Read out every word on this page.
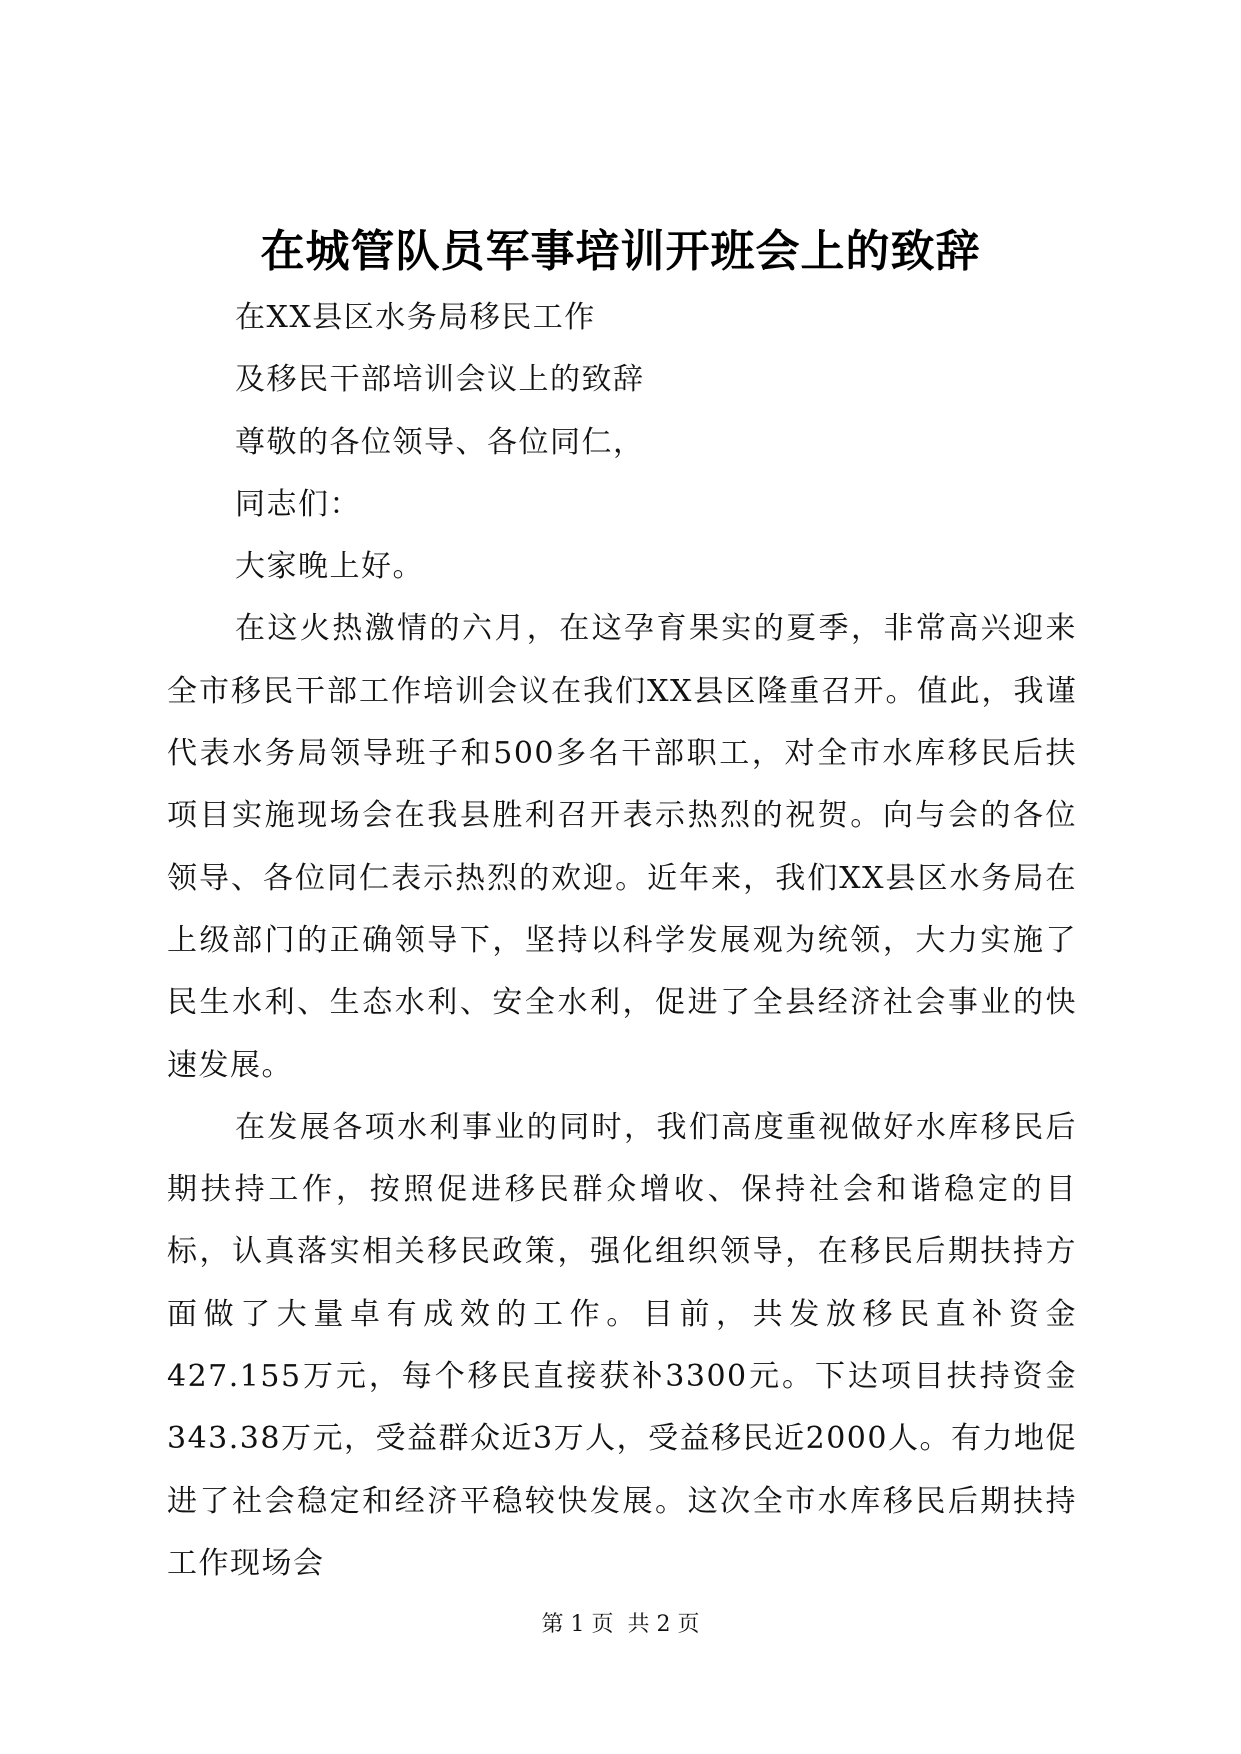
在城管队员军事培训开班会上的致辞

在XX县区水务局移民工作

及移民干部培训会议上的致辞

尊敬的各位领导、各位同仁，

同志们：

大家晚上好。

在这火热激情的六月，在这孕育果实的夏季，非常高兴迎来全市移民干部工作培训会议在我们XX县区隆重召开。值此，我谨代表水务局领导班子和500多名干部职工，对全市水库移民后扶项目实施现场会在我县胜利召开表示热烈的祝贺。向与会的各位领导、各位同仁表示热烈的欢迎。近年来，我们XX县区水务局在上级部门的正确领导下，坚持以科学发展观为统领，大力实施了民生水利、生态水利、安全水利，促进了全县经济社会事业的快速发展。

在发展各项水利事业的同时，我们高度重视做好水库移民后期扶持工作，按照促进移民群众增收、保持社会和谐稳定的目标，认真落实相关移民政策，强化组织领导，在移民后期扶持方面做了大量卓有成效的工作。目前，共发放移民直补资金427.155万元，每个移民直接获补3300元。下达项目扶持资金343.38万元，受益群众近3万人，受益移民近2000人。有力地促进了社会稳定和经济平稳较快发展。这次全市水库移民后期扶持工作现场会

第 1 页  共 2 页
